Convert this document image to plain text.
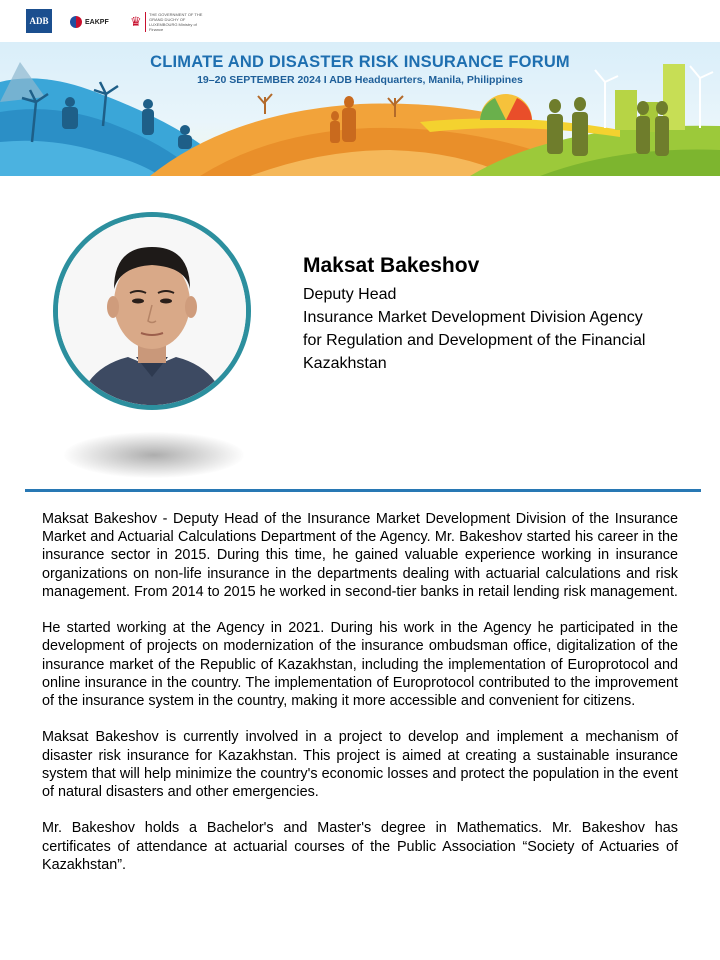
ADB	EAKPF ♛	THE GOVERNMENT OF THE GRAND DUCHY OF LUXEMBOURG Ministry of Finance
CLIMATE AND DISASTER RISK INSURANCE FORUM
19–20 SEPTEMBER 2024 I ADB Headquarters, Manila, Philippines
Maksat Bakeshov
Deputy Head
Insurance Market Development Division Agency
for Regulation and Development of the Financial
Kazakhstan

Maksat Bakeshov - Deputy Head of the Insurance Market Development Division of the Insurance Market and Actuarial Calculations Department of the Agency. Mr. Bakeshov started his career in the insurance sector in 2015. During this time, he gained valuable experience working in insurance organizations on non-life insurance in the departments dealing with actuarial calculations and risk management. From 2014 to 2015 he worked in second-tier banks in retail lending risk management.

He started working at the Agency in 2021. During his work in the Agency he participated in the development of projects on modernization of the insurance ombudsman office, digitalization of the insurance market of the Republic of Kazakhstan, including the implementation of Europrotocol and online insurance in the country. The implementation of Europrotocol contributed to the improvement of the insurance system in the country, making it more accessible and convenient for citizens.

Maksat Bakeshov is currently involved in a project to develop and implement a mechanism of disaster risk insurance for Kazakhstan. This project is aimed at creating a sustainable insurance system that will help minimize the country's economic losses and protect the population in the event of natural disasters and other emergencies.

Mr. Bakeshov holds a Bachelor's and Master's degree in Mathematics. Mr. Bakeshov has certificates of attendance at actuarial courses of the Public Association “Society of Actuaries of Kazakhstan”.
